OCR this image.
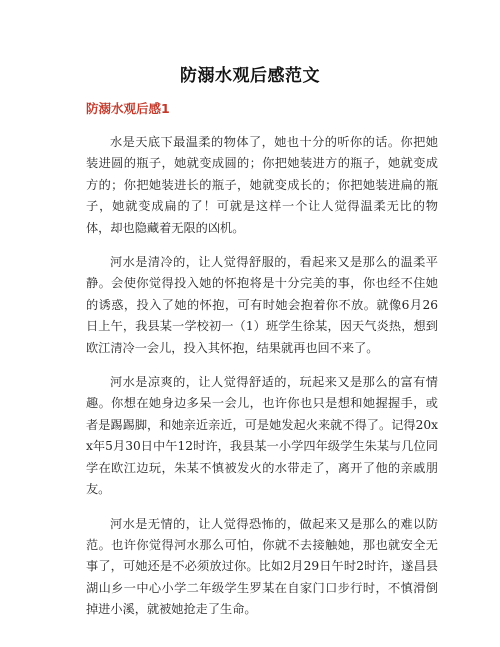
防溺水观后感范文
防溺水观后感1

水是天底下最温柔的物体了，她也十分的听你的话。你把她装进圆的瓶子，她就变成圆的；你把她装进方的瓶子，她就变成方的；你把她装进长的瓶子，她就变成长的；你把她装进扁的瓶子，她就变成扁的了！可就是这样一个让人觉得温柔无比的物体，却也隐藏着无限的凶机。

河水是清冷的，让人觉得舒服的，看起来又是那么的温柔平静。会使你觉得投入她的怀抱将是十分完美的事，你也经不住她的诱惑，投入了她的怀抱，可有时她会抱着你不放。就像6月26日上午，我县某一学校初一（1）班学生徐某，因天气炎热，想到欧江清冷一会儿，投入其怀抱，结果就再也回不来了。

河水是凉爽的，让人觉得舒适的，玩起来又是那么的富有情趣。你想在她身边多呆一会儿，也许你也只是想和她握握手，或者是踢踢脚，和她亲近亲近，可是她发起火来就不得了。记得20xx年5月30日中午12时许，我县某一小学四年级学生朱某与几位同学在欧江边玩，朱某不慎被发火的水带走了，离开了他的亲戚朋友。

河水是无情的，让人觉得恐怖的，做起来又是那么的难以防范。也许你觉得河水那么可怕，你就不去接触她，那也就安全无事了，可她还是不必须放过你。比如2月29日午时2时许，遂昌县湖山乡一中心小学二年级学生罗某在自家门口步行时，不慎滑倒掉进小溪，就被她抢走了生命。
